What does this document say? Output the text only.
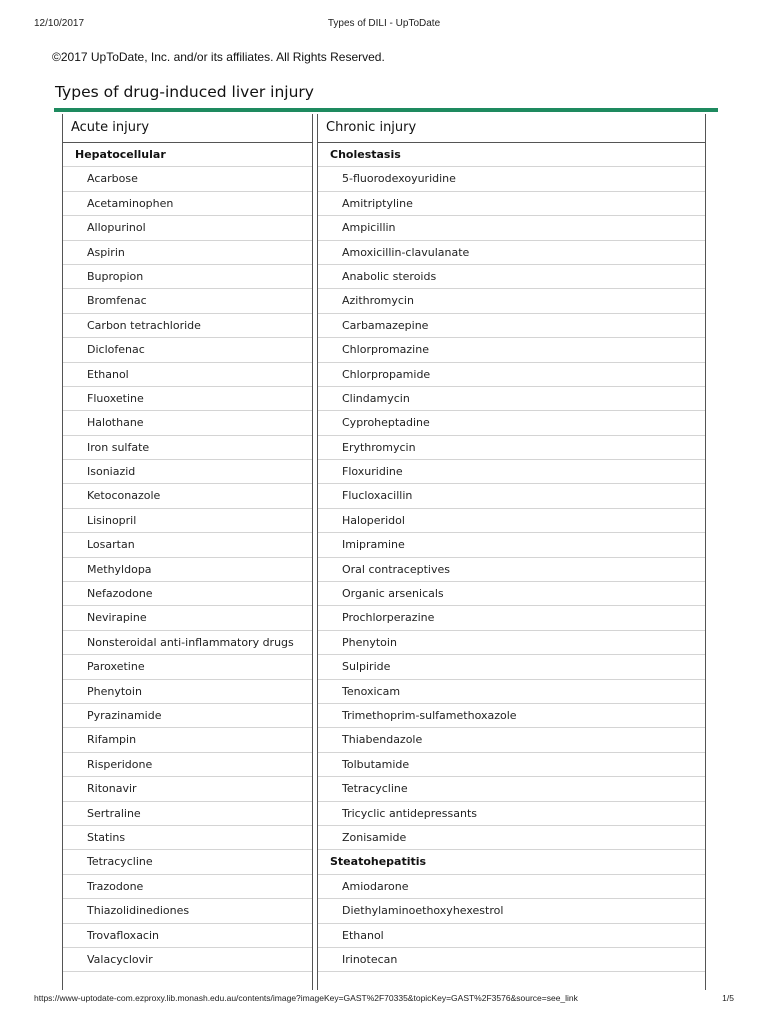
12/10/2017	Types of DILI - UpToDate
©2017 UpToDate, Inc. and/or its affiliates. All Rights Reserved.
Types of drug-induced liver injury
Acute injury
Hepatocellular
Acarbose
Acetaminophen
Allopurinol
Aspirin
Bupropion
Bromfenac
Carbon tetrachloride
Diclofenac
Ethanol
Fluoxetine
Halothane
Iron sulfate
Isoniazid
Ketoconazole
Lisinopril
Losartan
Methyldopa
Nefazodone
Nevirapine
Nonsteroidal anti-inflammatory drugs
Paroxetine
Phenytoin
Pyrazinamide
Rifampin
Risperidone
Ritonavir
Sertraline
Statins
Tetracycline
Trazodone
Thiazolidinediones
Trovafloxacin
Valacyclovir
Chronic injury
Cholestasis
5-fluorodexoyuridine
Amitriptyline
Ampicillin
Amoxicillin-clavulanate
Anabolic steroids
Azithromycin
Carbamazepine
Chlorpromazine
Chlorpropamide
Clindamycin
Cyproheptadine
Erythromycin
Floxuridine
Flucloxacillin
Haloperidol
Imipramine
Oral contraceptives
Organic arsenicals
Prochlorperazine
Phenytoin
Sulpiride
Tenoxicam
Trimethoprim-sulfamethoxazole
Thiabendazole
Tolbutamide
Tetracycline
Tricyclic antidepressants
Zonisamide
Steatohepatitis
Amiodarone
Diethylaminoethoxyhexestrol
Ethanol
Irinotecan
https://www-uptodate-com.ezproxy.lib.monash.edu.au/contents/image?imageKey=GAST%2F70335&topicKey=GAST%2F3576&source=see_link	1/5
